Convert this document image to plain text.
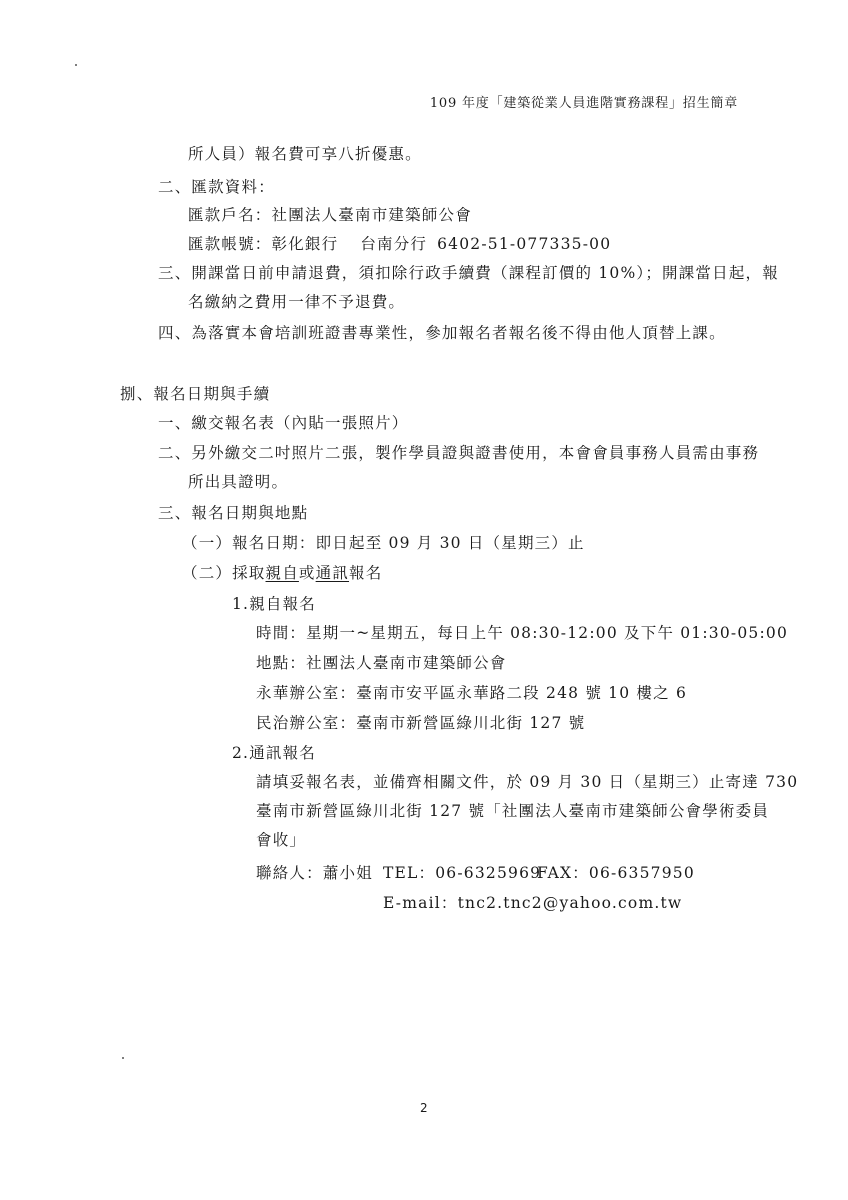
109 年度「建築從業人員進階實務課程」招生簡章
所人員）報名費可享八折優惠。
二、匯款資料：
匯款戶名：社團法人臺南市建築師公會
匯款帳號：彰化銀行 台南分行 6402-51-077335-00
三、開課當日前申請退費，須扣除行政手續費（課程訂價的 10%）；開課當日起，報
名繳納之費用一律不予退費。
四、為落實本會培訓班證書專業性，參加報名者報名後不得由他人頂替上課。
捌、報名日期與手續
一、繳交報名表（內貼一張照片）
二、另外繳交二吋照片二張，製作學員證與證書使用，本會會員事務人員需由事務
所出具證明。
三、報名日期與地點
（一）報名日期：即日起至 09 月 30 日（星期三）止
（二）採取親自或通訊報名
1.親自報名
時間：星期一~星期五，每日上午 08:30-12:00 及下午 01:30-05:00
地點：社團法人臺南市建築師公會
永華辦公室：臺南市安平區永華路二段 248 號 10 樓之 6
民治辦公室：臺南市新營區綠川北街 127 號
2.通訊報名
請填妥報名表，並備齊相關文件，於 09 月 30 日（星期三）止寄達 730
臺南市新營區綠川北街 127 號「社團法人臺南市建築師公會學術委員
會收」
聯絡人：蕭小姐 TEL：06-6325969
FAX：06-6357950
E-mail：tnc2.tnc2@yahoo.com.tw
2
